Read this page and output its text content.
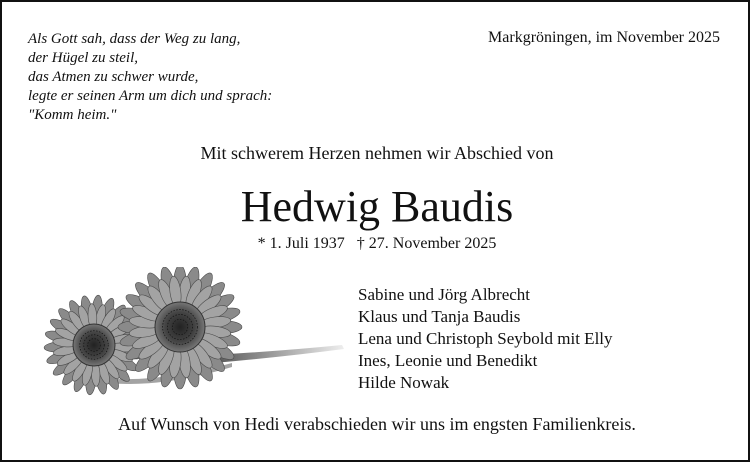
Als Gott sah, dass der Weg zu lang,
der Hügel zu steil,
das Atmen zu schwer wurde,
legte er seinen Arm um dich und sprach:
"Komm heim."
Markgröningen, im November 2025
Mit schwerem Herzen nehmen wir Abschied von
Hedwig Baudis
* 1. Juli 1937 † 27. November 2025
Sabine und Jörg Albrecht
Klaus und Tanja Baudis
Lena und Christoph Seybold mit Elly
Ines, Leonie und Benedikt
Hilde Nowak
Auf Wunsch von Hedi verabschieden wir uns im engsten Familienkreis.
